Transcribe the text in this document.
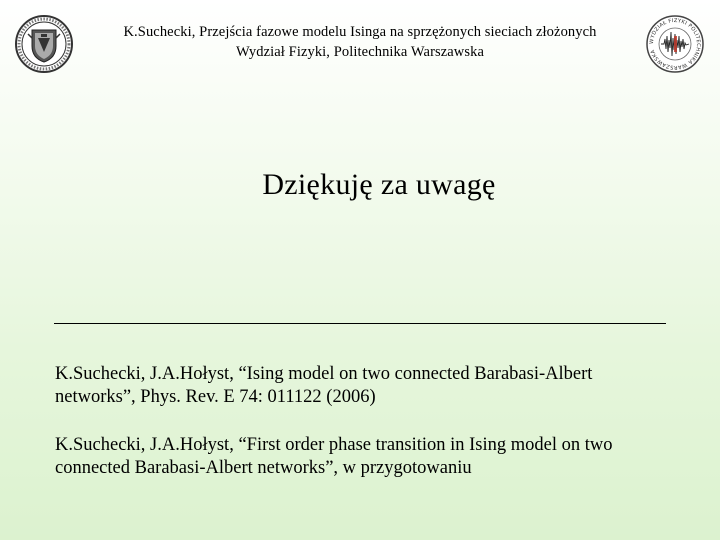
WYDZIAŁ FIZYKI POLITECHNIKA WARSZAWSKA
K.Suchecki, Przejścia fazowe modelu Isinga na sprzężonych sieciach złożonych
Wydział Fizyki, Politechnika Warszawska
Dziękuję za uwagę
K.Suchecki, J.A.Hołyst, “Ising model on two connected Barabasi-Albert
networks”, Phys. Rev. E 74: 011122 (2006)
K.Suchecki, J.A.Hołyst, “First order phase transition in Ising model on two
connected Barabasi-Albert networks”, w przygotowaniu
